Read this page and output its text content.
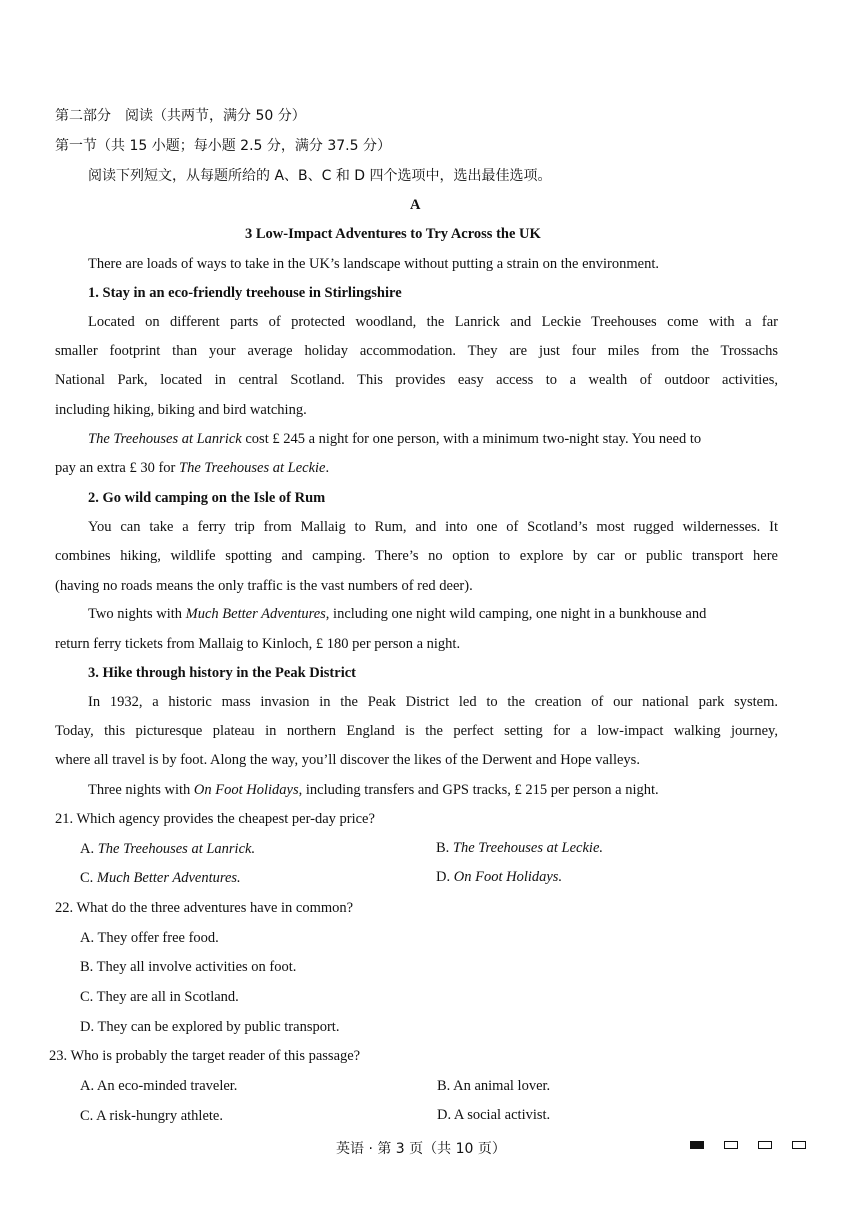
第二部分　阅读（共两节，满分 50 分）
第一节（共 15 小题；每小题 2.5 分，满分 37.5 分）
阅读下列短文，从每题所给的 A、B、C 和 D 四个选项中，选出最佳选项。
A
3 Low-Impact Adventures to Try Across the UK
There are loads of ways to take in the UK’s landscape without putting a strain on the environment.
1. Stay in an eco-friendly treehouse in Stirlingshire
Located on different parts of protected woodland, the Lanrick and Leckie Treehouses come with a far
smaller footprint than your average holiday accommodation. They are just four miles from the Trossachs
National Park, located in central Scotland. This provides easy access to a wealth of outdoor activities,
including hiking, biking and bird watching.
The Treehouses at Lanrick cost £ 245 a night for one person, with a minimum two-night stay. You need to
pay an extra £ 30 for The Treehouses at Leckie.
2. Go wild camping on the Isle of Rum
You can take a ferry trip from Mallaig to Rum, and into one of Scotland’s most rugged wildernesses. It
combines hiking, wildlife spotting and camping. There’s no option to explore by car or public transport here
(having no roads means the only traffic is the vast numbers of red deer).
Two nights with Much Better Adventures, including one night wild camping, one night in a bunkhouse and
return ferry tickets from Mallaig to Kinloch, £ 180 per person a night.
3. Hike through history in the Peak District
In 1932, a historic mass invasion in the Peak District led to the creation of our national park system.
Today, this picturesque plateau in northern England is the perfect setting for a low-impact walking journey,
where all travel is by foot. Along the way, you’ll discover the likes of the Derwent and Hope valleys.
Three nights with On Foot Holidays, including transfers and GPS tracks, £ 215 per person a night.
21. Which agency provides the cheapest per-day price?
A. The Treehouses at Lanrick.	B. The Treehouses at Leckie.
C. Much Better Adventures.	D. On Foot Holidays.
22. What do the three adventures have in common?
A. They offer free food.
B. They all involve activities on foot.
C. They are all in Scotland.
D. They can be explored by public transport.
23. Who is probably the target reader of this passage?
A. An eco-minded traveler.	B. An animal lover.
C. A risk-hungry athlete.	D. A social activist.
英语 · 第 3 页（共 10 页）
